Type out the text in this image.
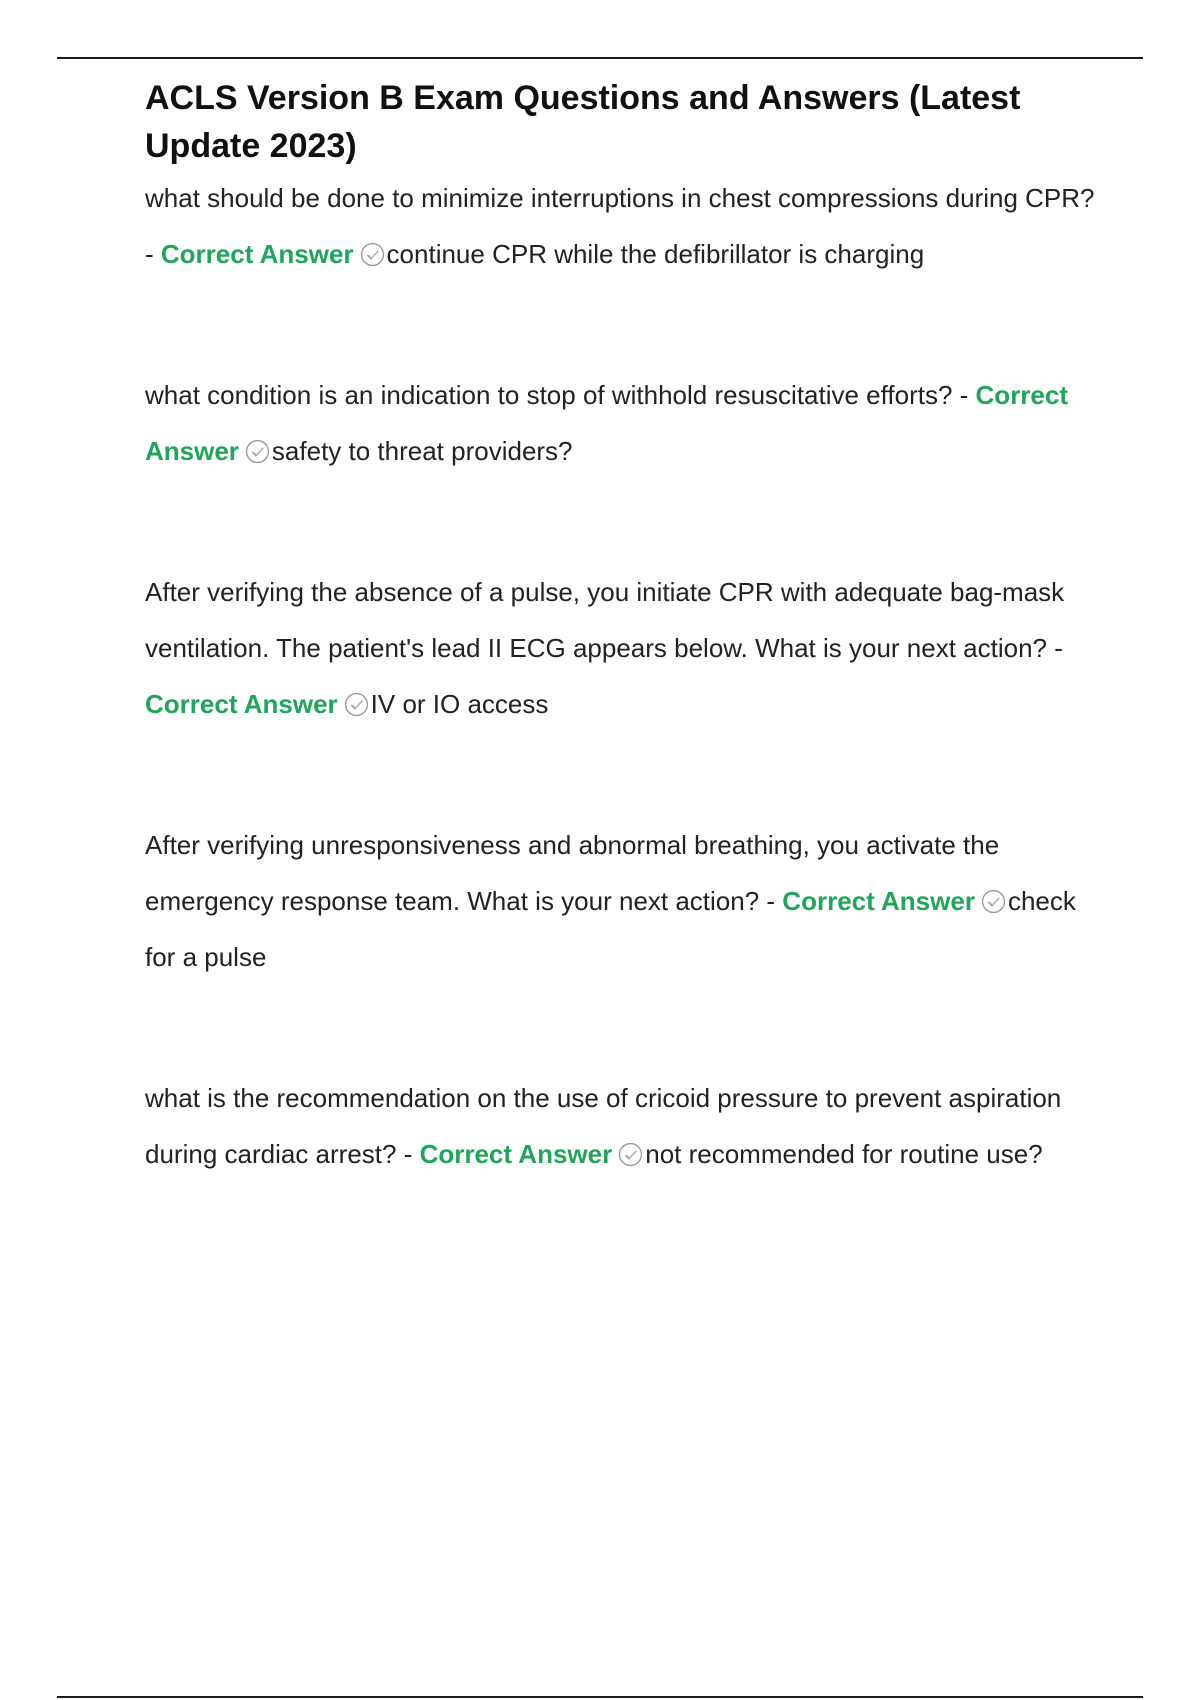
ACLS Version B Exam Questions and Answers (Latest Update 2023)

what should be done to minimize interruptions in chest compressions during CPR? - Correct Answer continue CPR while the defibrillator is charging

what condition is an indication to stop of withhold resuscitative efforts? - Correct Answer safety to threat providers?

After verifying the absence of a pulse, you initiate CPR with adequate bag-mask ventilation. The patient's lead II ECG appears below. What is your next action? - Correct Answer IV or IO access

After verifying unresponsiveness and abnormal breathing, you activate the emergency response team. What is your next action? - Correct Answer check for a pulse

what is the recommendation on the use of cricoid pressure to prevent aspiration during cardiac arrest? - Correct Answer not recommended for routine use?
